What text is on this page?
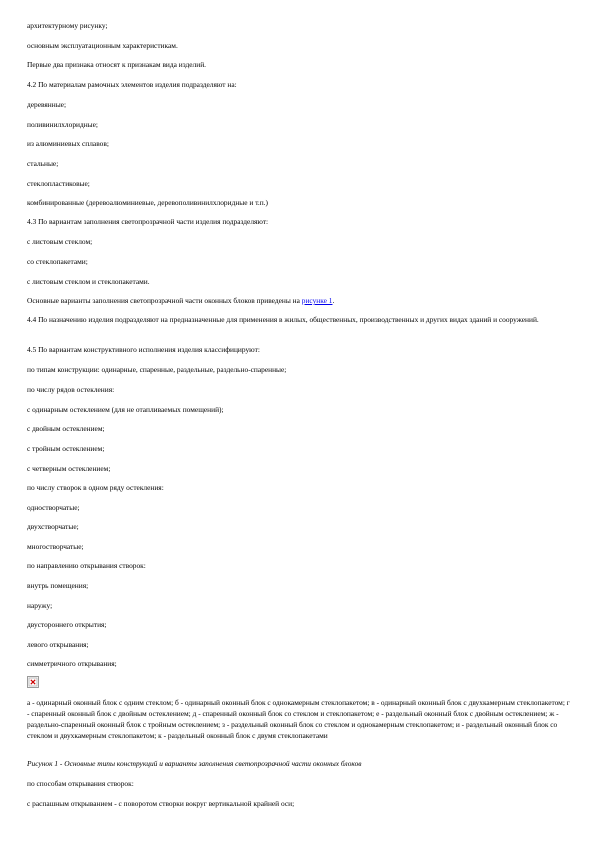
архитектурному рисунку;
основным эксплуатационным характеристикам.
Первые два признака относят к признакам вида изделий.
4.2 По материалам рамочных элементов изделия подразделяют на:
деревянные;
поливинилхлоридные;
из алюминиевых сплавов;
стальные;
стеклопластиковые;
комбинированные (деревоалюминиевые, деревополивинилхлоридные и т.п.)
4.3 По вариантам заполнения светопрозрачной части изделия подразделяют:
с листовым стеклом;
со стеклопакетами;
с листовым стеклом и стеклопакетами.
Основные варианты заполнения светопрозрачной части оконных блоков приведены на рисунке 1.
4.4 По назначению изделия подразделяют на предназначенные для применения в жилых, общественных, производственных и других видах зданий и сооружений.
4.5 По вариантам конструктивного исполнения изделия классифицируют:
по типам конструкции: одинарные, спаренные, раздельные, раздельно-спаренные;
по числу рядов остекления:
с одинарным остеклением (для не отапливаемых помещений);
с двойным остеклением;
с тройным остеклением;
с четверным остеклением;
по числу створок в одном ряду остекления:
одностворчатые;
двухстворчатые;
многостворчатые;
по направлению открывания створок:
внутрь помещения;
наружу;
двустороннего открытия;
левого открывания;
симметричного открывания;
а - одинарный оконный блок с одним стеклом; б - одинарный оконный блок с однокамерным стеклопакетом; в - одинарный оконный блок с двухкамерным стеклопакетом; г - спаренный оконный блок с двойным остеклением; д - спаренный оконный блок со стеклом и стеклопакетом; е - раздельный оконный блок с двойным остеклением; ж - раздельно-спаренный оконный блок с тройным остеклением; з - раздельный оконный блок со стеклом и однокамерным стеклопакетом; и - раздельный оконный блок со стеклом и двухкамерным стеклопакетом; к - раздельный оконный блок с двумя стеклопакетами
Рисунок 1 - Основные типы конструкций и варианты заполнения светопрозрачной части оконных блоков
по способам открывания створок:
с распашным открыванием - с поворотом створки вокруг вертикальной крайней оси;
